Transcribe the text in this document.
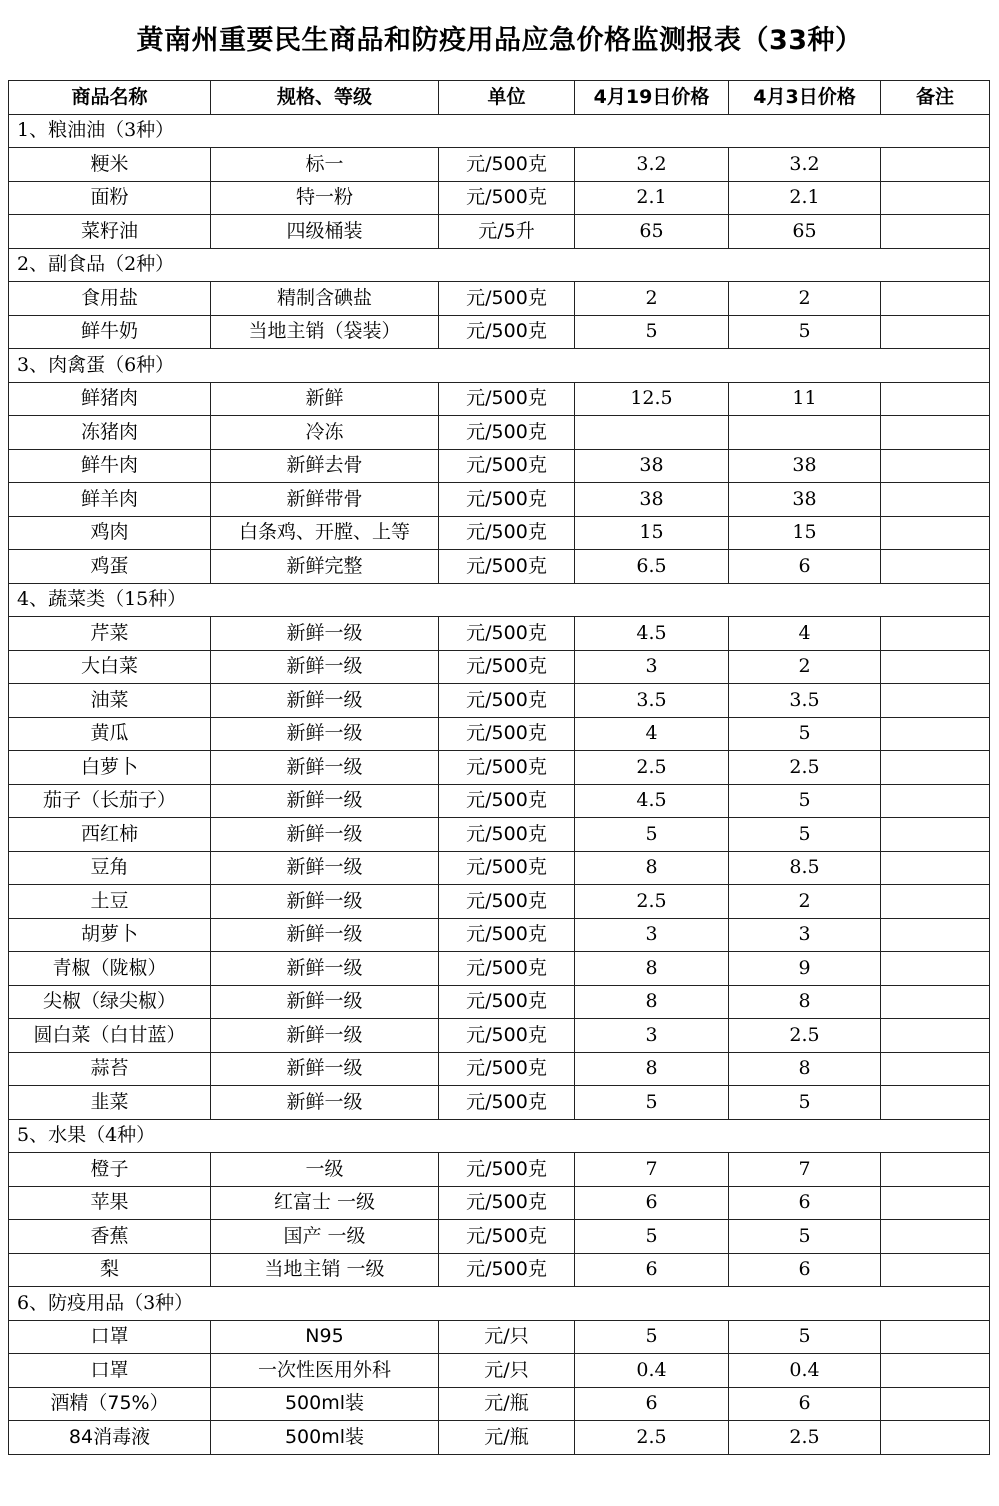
黄南州重要民生商品和防疫用品应急价格监测报表（33种）
商品名称	规格、等级	单位	4月19日价格	4月3日价格	备注
1、粮油油（3种）					
粳米	标一	元/500克	3.2	3.2	
面粉	特一粉	元/500克	2.1	2.1	
菜籽油	四级桶装	元/5升	65	65	
2、副食品（2种）					
食用盐	精制含碘盐	元/500克	2	2	
鲜牛奶	当地主销（袋装）	元/500克	5	5	
3、肉禽蛋（6种）					
鲜猪肉	新鲜	元/500克	12.5	11	
冻猪肉	冷冻	元/500克			
鲜牛肉	新鲜去骨	元/500克	38	38	
鲜羊肉	新鲜带骨	元/500克	38	38	
鸡肉	白条鸡、开膛、上等	元/500克	15	15	
鸡蛋	新鲜完整	元/500克	6.5	6	
4、蔬菜类（15种）					
芹菜	新鲜一级	元/500克	4.5	4	
大白菜	新鲜一级	元/500克	3	2	
油菜	新鲜一级	元/500克	3.5	3.5	
黄瓜	新鲜一级	元/500克	4	5	
白萝卜	新鲜一级	元/500克	2.5	2.5	
茄子（长茄子）	新鲜一级	元/500克	4.5	5	
西红柿	新鲜一级	元/500克	5	5	
豆角	新鲜一级	元/500克	8	8.5	
土豆	新鲜一级	元/500克	2.5	2	
胡萝卜	新鲜一级	元/500克	3	3	
青椒（陇椒）	新鲜一级	元/500克	8	9	
尖椒（绿尖椒）	新鲜一级	元/500克	8	8	
圆白菜（白甘蓝）	新鲜一级	元/500克	3	2.5	
蒜苔	新鲜一级	元/500克	8	8	
韭菜	新鲜一级	元/500克	5	5	
5、水果（4种）					
橙子	一级	元/500克	7	7	
苹果	红富士 一级	元/500克	6	6	
香蕉	国产 一级	元/500克	5	5	
梨	当地主销 一级	元/500克	6	6	
6、防疫用品（3种）					
口罩	N95	元/只	5	5	
口罩	一次性医用外科	元/只	0.4	0.4	
酒精（75%）	500ml装	元/瓶	6	6	
84消毒液	500ml装	元/瓶	2.5	2.5	
